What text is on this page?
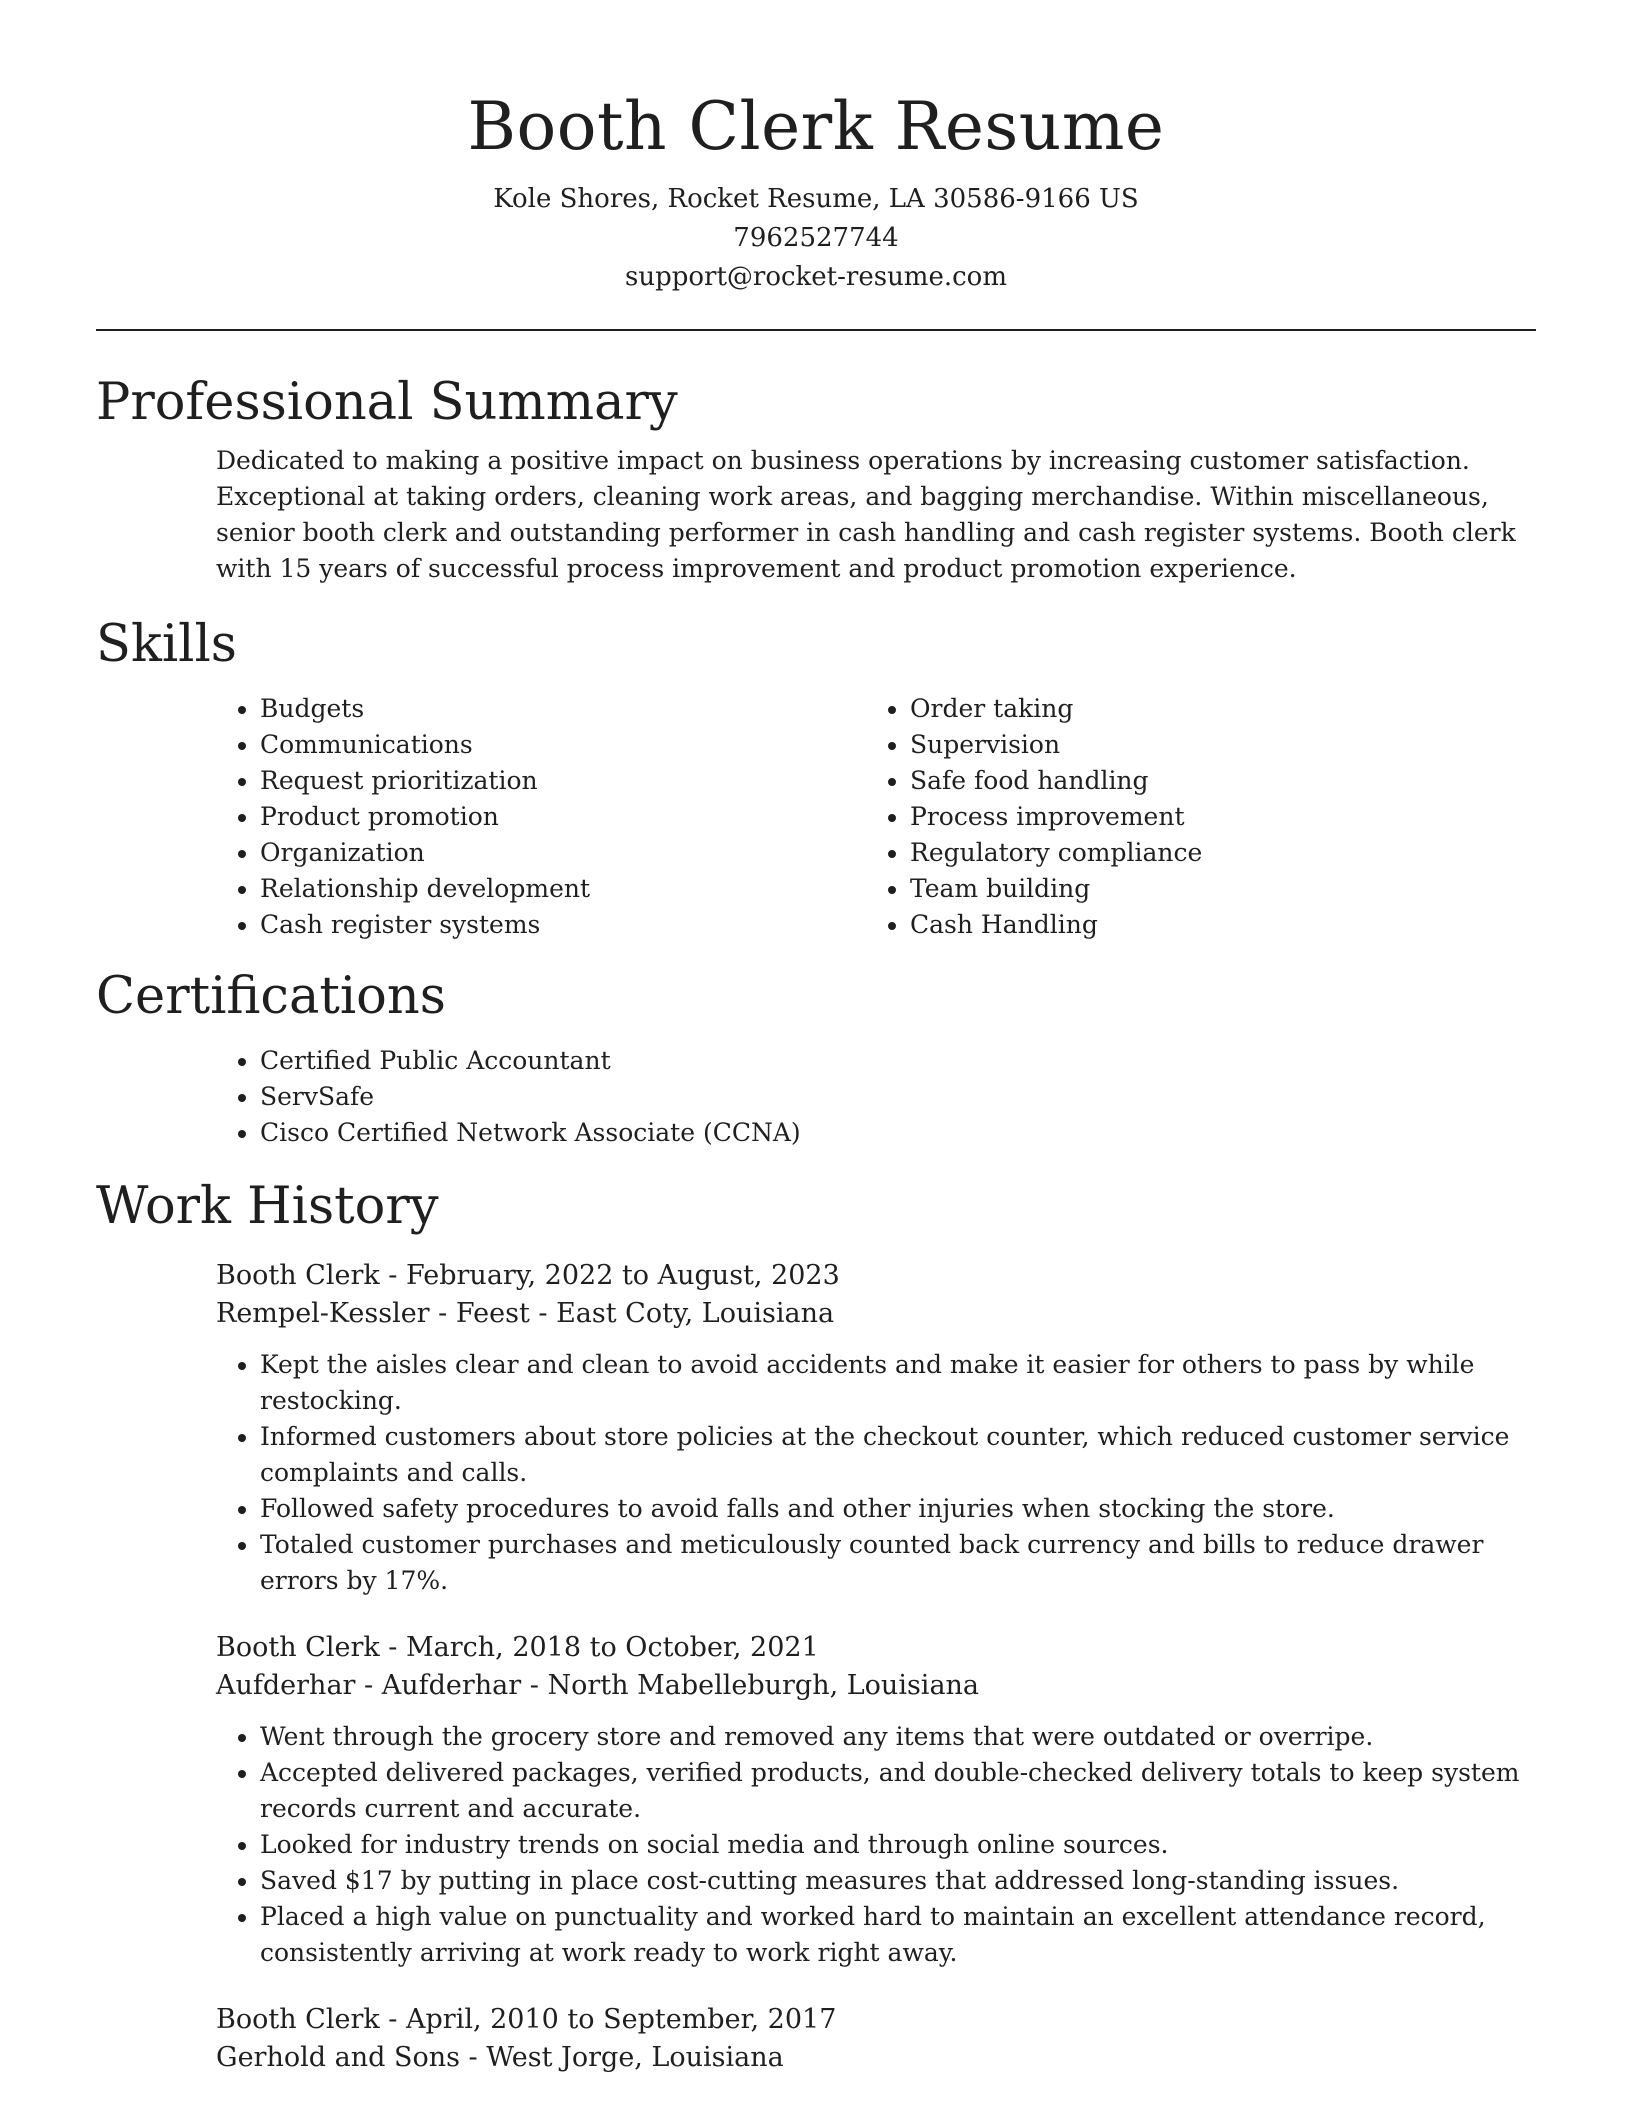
Booth Clerk Resume

Kole Shores, Rocket Resume, LA 30586-9166 US

7962527744

support@rocket-resume.com

Professional Summary

Dedicated to making a positive impact on business operations by increasing customer satisfaction. Exceptional at taking orders, cleaning work areas, and bagging merchandise. Within miscellaneous, senior booth clerk and outstanding performer in cash handling and cash register systems. Booth clerk with 15 years of successful process improvement and product promotion experience.

Skills
• Budgets
• Communications
• Request prioritization
• Product promotion
• Organization
• Relationship development
• Cash register systems
• Order taking
• Supervision
• Safe food handling
• Process improvement
• Regulatory compliance
• Team building
• Cash Handling
Certifications
• Certified Public Accountant
• ServSafe
• Cisco Certified Network Associate (CCNA)
Work History

Booth Clerk - February, 2022 to August, 2023

Rempel-Kessler - Feest - East Coty, Louisiana

• Kept the aisles clear and clean to avoid accidents and make it easier for others to pass by while restocking.
• Informed customers about store policies at the checkout counter, which reduced customer service complaints and calls.
• Followed safety procedures to avoid falls and other injuries when stocking the store.
• Totaled customer purchases and meticulously counted back currency and bills to reduce drawer errors by 17%.

Booth Clerk - March, 2018 to October, 2021

Aufderhar - Aufderhar - North Mabelleburgh, Louisiana

• Went through the grocery store and removed any items that were outdated or overripe.
• Accepted delivered packages, verified products, and double-checked delivery totals to keep system records current and accurate.
• Looked for industry trends on social media and through online sources.
• Saved $17 by putting in place cost-cutting measures that addressed long-standing issues.
• Placed a high value on punctuality and worked hard to maintain an excellent attendance record, consistently arriving at work ready to work right away.

Booth Clerk - April, 2010 to September, 2017

Gerhold and Sons - West Jorge, Louisiana
